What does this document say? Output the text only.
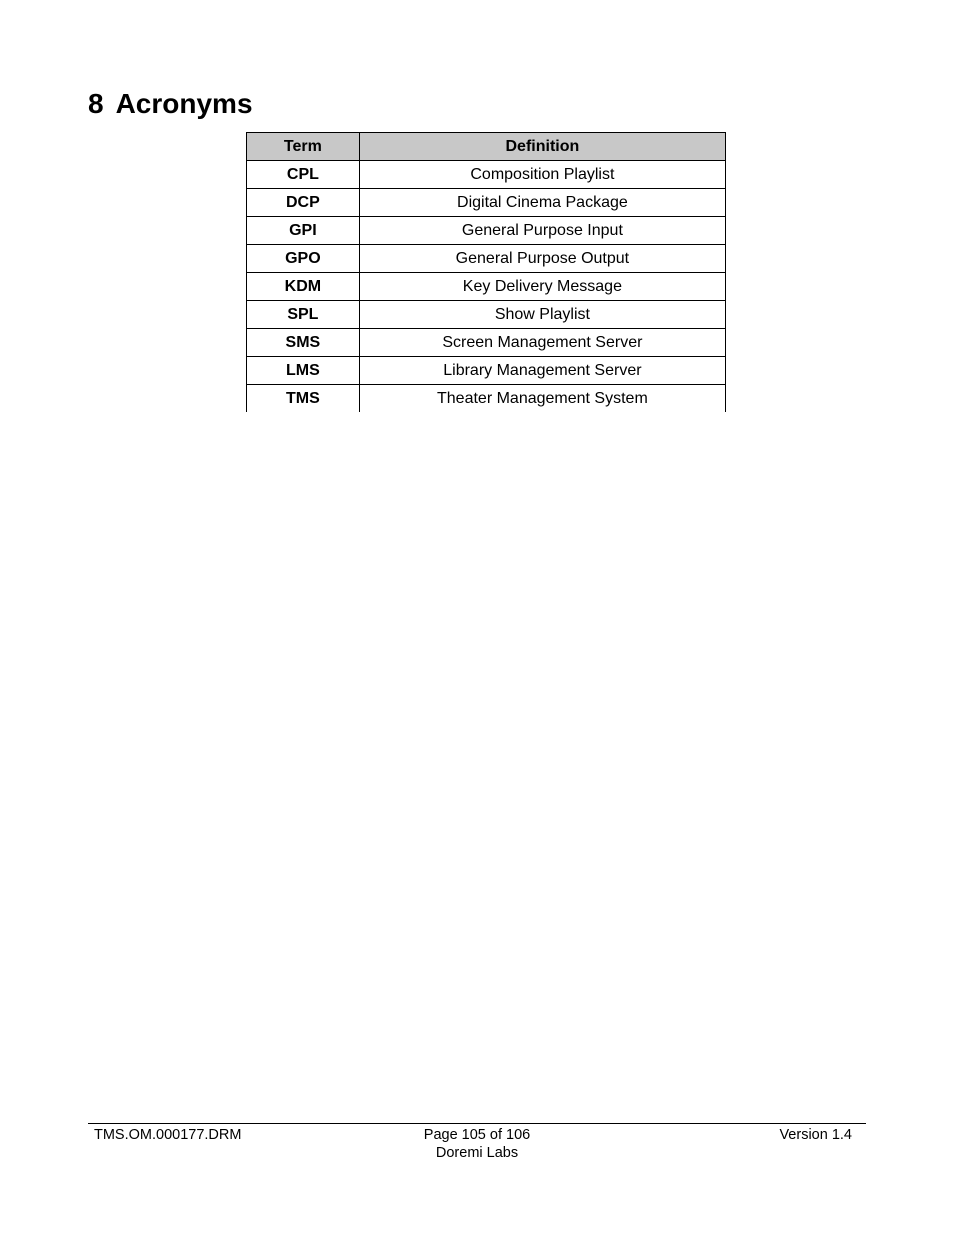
8 Acronyms
Term	Definition
CPL	Composition Playlist
DCP	Digital Cinema Package
GPI	General Purpose Input
GPO	General Purpose Output
KDM	Key Delivery Message
SPL	Show Playlist
SMS	Screen Management Server
LMS	Library Management Server
TMS	Theater Management System
TMS.OM.000177.DRM	Page 105 of 106
Doremi Labs
Version 1.4
